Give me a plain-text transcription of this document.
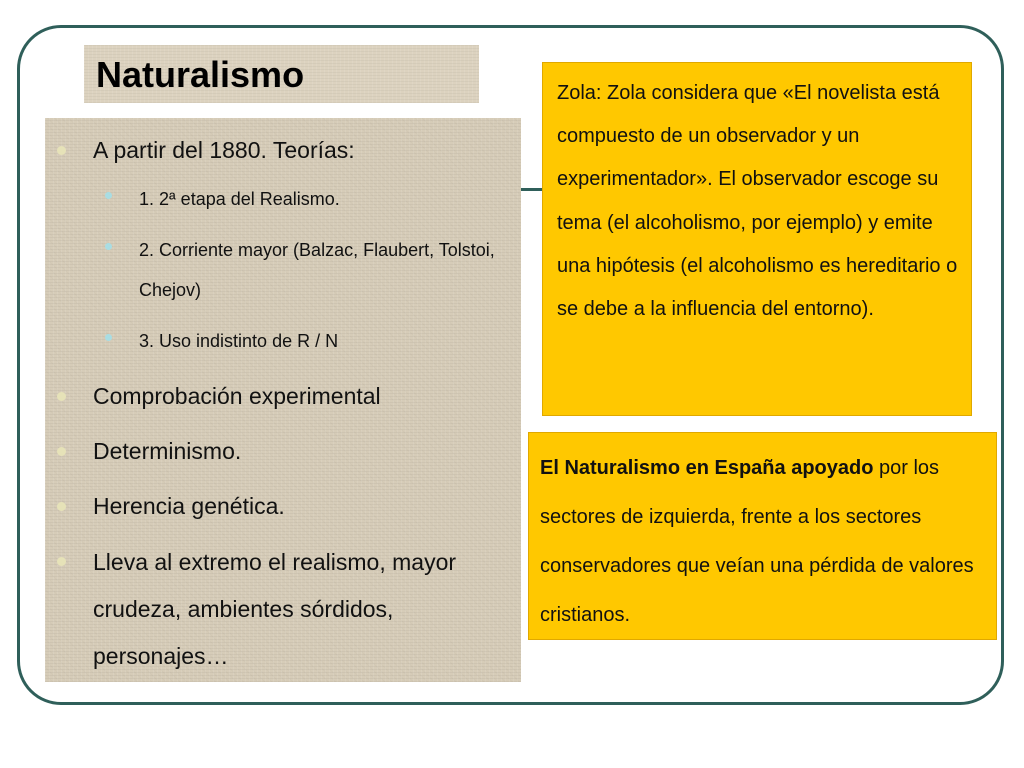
Naturalismo
A partir del 1880. Teorías:
1. 2ª etapa del Realismo.
2. Corriente mayor (Balzac, Flaubert, Tolstoi, Chejov)
3. Uso indistinto de R / N
Comprobación experimental
Determinismo.
Herencia genética.
Lleva al extremo el realismo, mayor crudeza, ambientes sórdidos, personajes…

Zola: Zola considera que «El novelista está compuesto de un observador y un experimentador». El observador escoge su tema (el alcoholismo, por ejemplo) y emite una hipótesis (el alcoholismo es hereditario o se debe a la influencia del entorno).

El Naturalismo en España apoyado por los sectores de izquierda, frente a los sectores conservadores que veían una pérdida de valores cristianos.
